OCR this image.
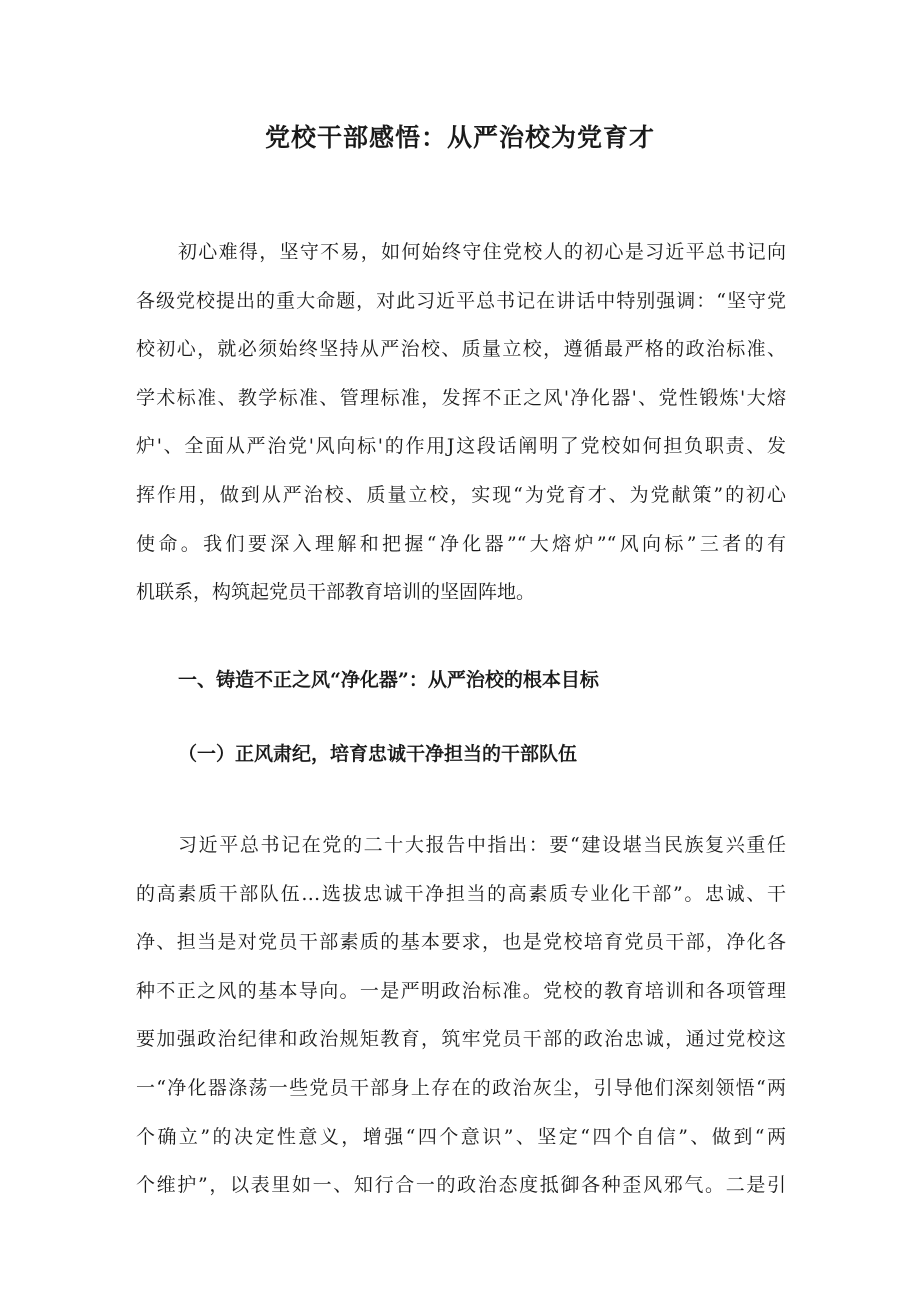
党校干部感悟：从严治校为党育才
初心难得，坚守不易，如何始终守住党校人的初心是习近平总书记向
各级党校提出的重大命题，对此习近平总书记在讲话中特别强调：“坚守党
校初心，就必须始终坚持从严治校、质量立校，遵循最严格的政治标准、
学术标准、教学标准、管理标准，发挥不正之风'净化器'、党性锻炼'大熔
炉'、全面从严治党'风向标'的作用J这段话阐明了党校如何担负职责、发
挥作用，做到从严治校、质量立校，实现“为党育才、为党献策”的初心
使命。我们要深入理解和把握“净化器”“大熔炉”“风向标”三者的有
机联系，构筑起党员干部教育培训的坚固阵地。
一、铸造不正之风“净化器”：从严治校的根本目标
（一）正风肃纪，培育忠诚干净担当的干部队伍
习近平总书记在党的二十大报告中指出：要“建设堪当民族复兴重任
的高素质干部队伍…选拔忠诚干净担当的高素质专业化干部”。忠诚、干
净、担当是对党员干部素质的基本要求，也是党校培育党员干部，净化各
种不正之风的基本导向。一是严明政治标准。党校的教育培训和各项管理
要加强政治纪律和政治规矩教育，筑牢党员干部的政治忠诚，通过党校这
一“净化器涤荡一些党员干部身上存在的政治灰尘，引导他们深刻领悟“两
个确立”的决定性意义，增强“四个意识”、坚定“四个自信”、做到“两
个维护”，以表里如一、知行合一的政治态度抵御各种歪风邪气。二是引
